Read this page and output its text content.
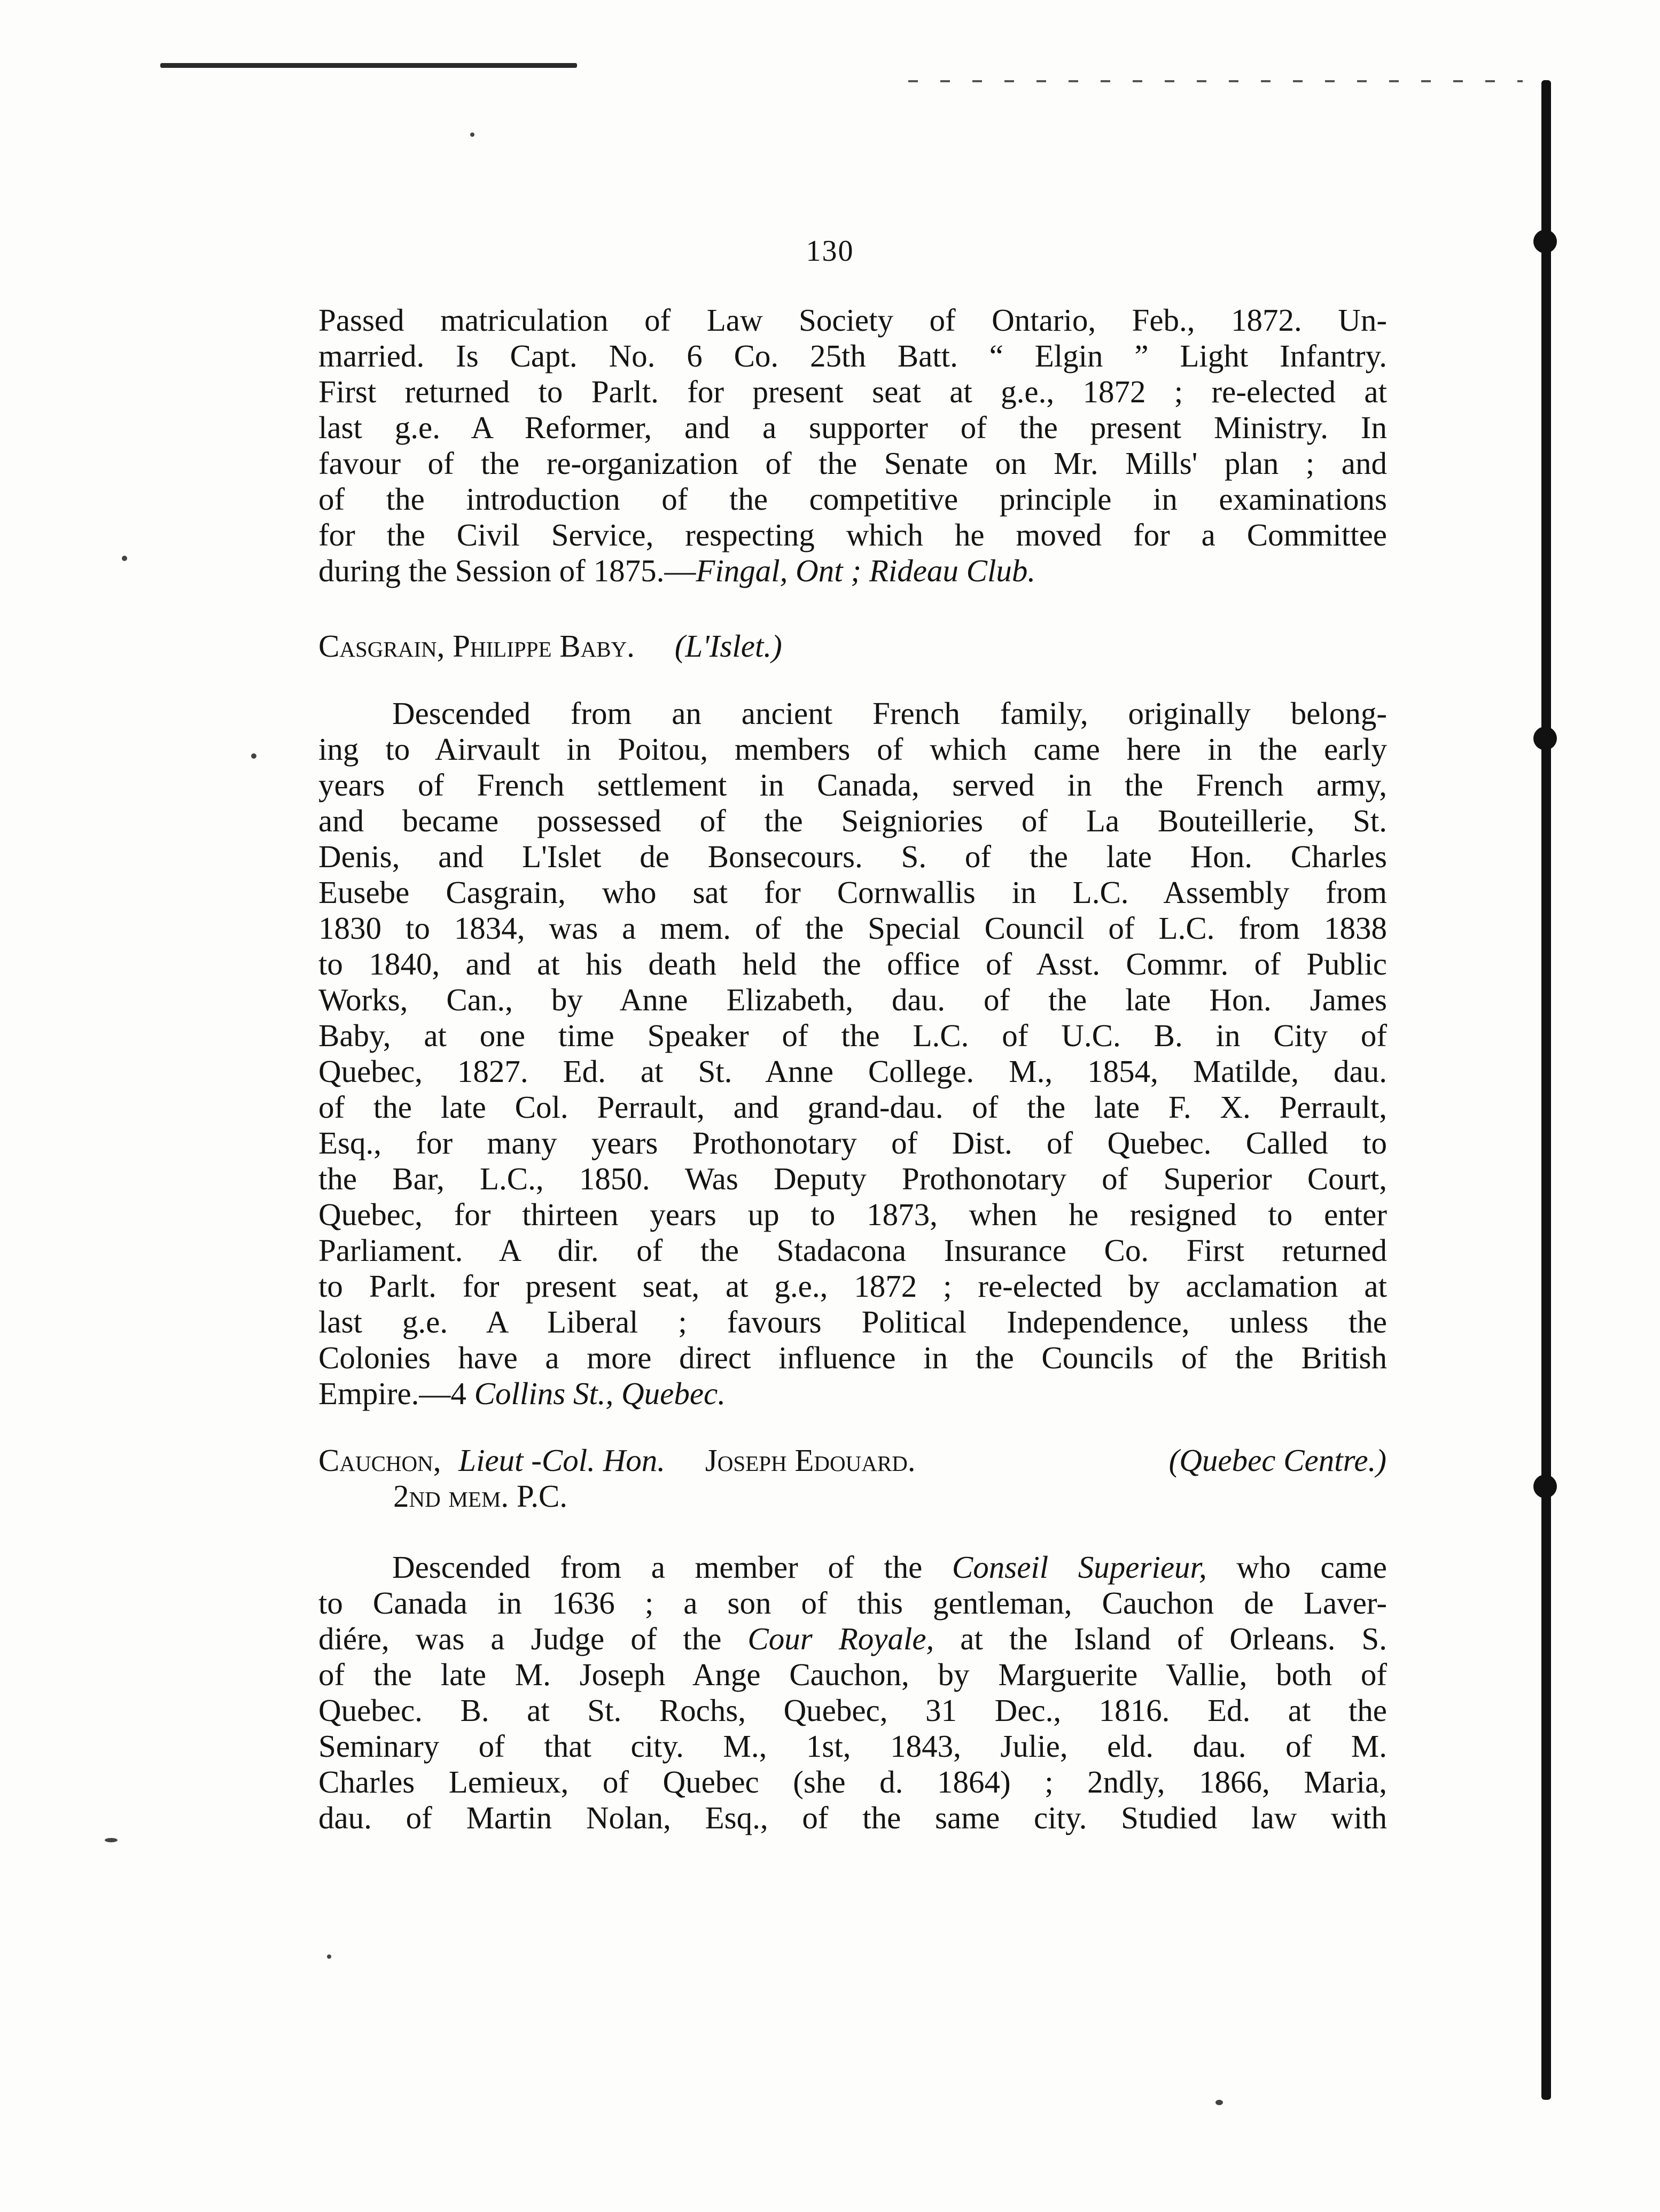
130
Passed matriculation of Law Society of Ontario, Feb., 1872. Un-
married. Is Capt. No. 6 Co. 25th Batt. “ Elgin ” Light Infantry.
First returned to Parlt. for present seat at g.e., 1872 ; re-elected at
last g.e. A Reformer, and a supporter of the present Ministry. In
favour of the re-organization of the Senate on Mr. Mills' plan ; and
of the introduction of the competitive principle in examinations
for the Civil Service, respecting which he moved for a Committee
during the Session of 1875.—Fingal, Ont ; Rideau Club.
Casgrain, Philippe Baby. (L'Islet.)
Descended from an ancient French family, originally belong-
ing to Airvault in Poitou, members of which came here in the early
years of French settlement in Canada, served in the French army,
and became possessed of the Seigniories of La Bouteillerie, St.
Denis, and L'Islet de Bonsecours. S. of the late Hon. Charles
Eusebe Casgrain, who sat for Cornwallis in L.C. Assembly from
1830 to 1834, was a mem. of the Special Council of L.C. from 1838
to 1840, and at his death held the office of Asst. Commr. of Public
Works, Can., by Anne Elizabeth, dau. of the late Hon. James
Baby, at one time Speaker of the L.C. of U.C. B. in City of
Quebec, 1827. Ed. at St. Anne College. M., 1854, Matilde, dau.
of the late Col. Perrault, and grand-dau. of the late F. X. Perrault,
Esq., for many years Prothonotary of Dist. of Quebec. Called to
the Bar, L.C., 1850. Was Deputy Prothonotary of Superior Court,
Quebec, for thirteen years up to 1873, when he resigned to enter
Parliament. A dir. of the Stadacona Insurance Co. First returned
to Parlt. for present seat, at g.e., 1872 ; re-elected by acclamation at
last g.e. A Liberal ; favours Political Independence, unless the
Colonies have a more direct influence in the Councils of the British
Empire.—4 Collins St., Quebec.
Cauchon, Lieut -Col. Hon. Joseph Edouard.	(Quebec Centre.)
2nd mem. P.C.
Descended from a member of the Conseil Superieur, who came
to Canada in 1636 ; a son of this gentleman, Cauchon de Laver-
diére, was a Judge of the Cour Royale, at the Island of Orleans. S.
of the late M. Joseph Ange Cauchon, by Marguerite Vallie, both of
Quebec. B. at St. Rochs, Quebec, 31 Dec., 1816. Ed. at the
Seminary of that city. M., 1st, 1843, Julie, eld. dau. of M.
Charles Lemieux, of Quebec (she d. 1864) ; 2ndly, 1866, Maria,
dau. of Martin Nolan, Esq., of the same city. Studied law with
